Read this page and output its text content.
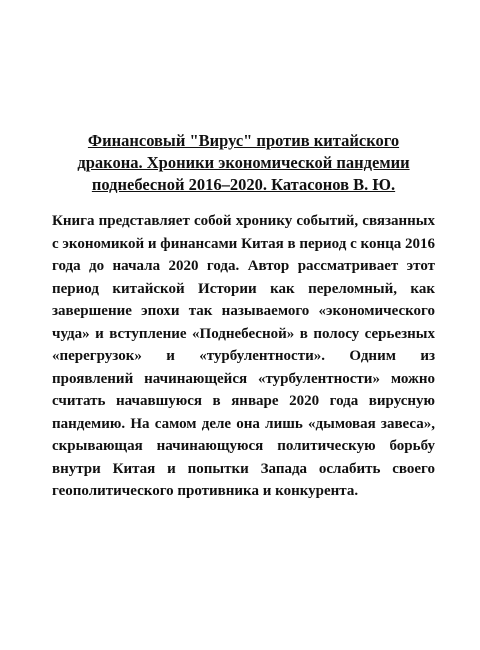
Финансовый "Вирус" против китайского
дракона. Хроники экономической пандемии
поднебесной 2016–2020. Катасонов В. Ю.

Книга представляет собой хронику событий, связанных с экономикой и финансами Китая в период с конца 2016 года до начала 2020 года. Автор рассматривает этот период китайской Истории как переломный, как завершение эпохи так называемого «экономического чуда» и вступление «Поднебесной» в полосу серьезных «перегрузок» и «турбулентности». Одним из проявлений начинающейся «турбулентности» можно считать начавшуюся в январе 2020 года вирусную пандемию. На самом деле она лишь «дымовая завеса», скрывающая начинающуюся политическую борьбу внутри Китая и попытки Запада ослабить своего геополитического противника и конкурента.
